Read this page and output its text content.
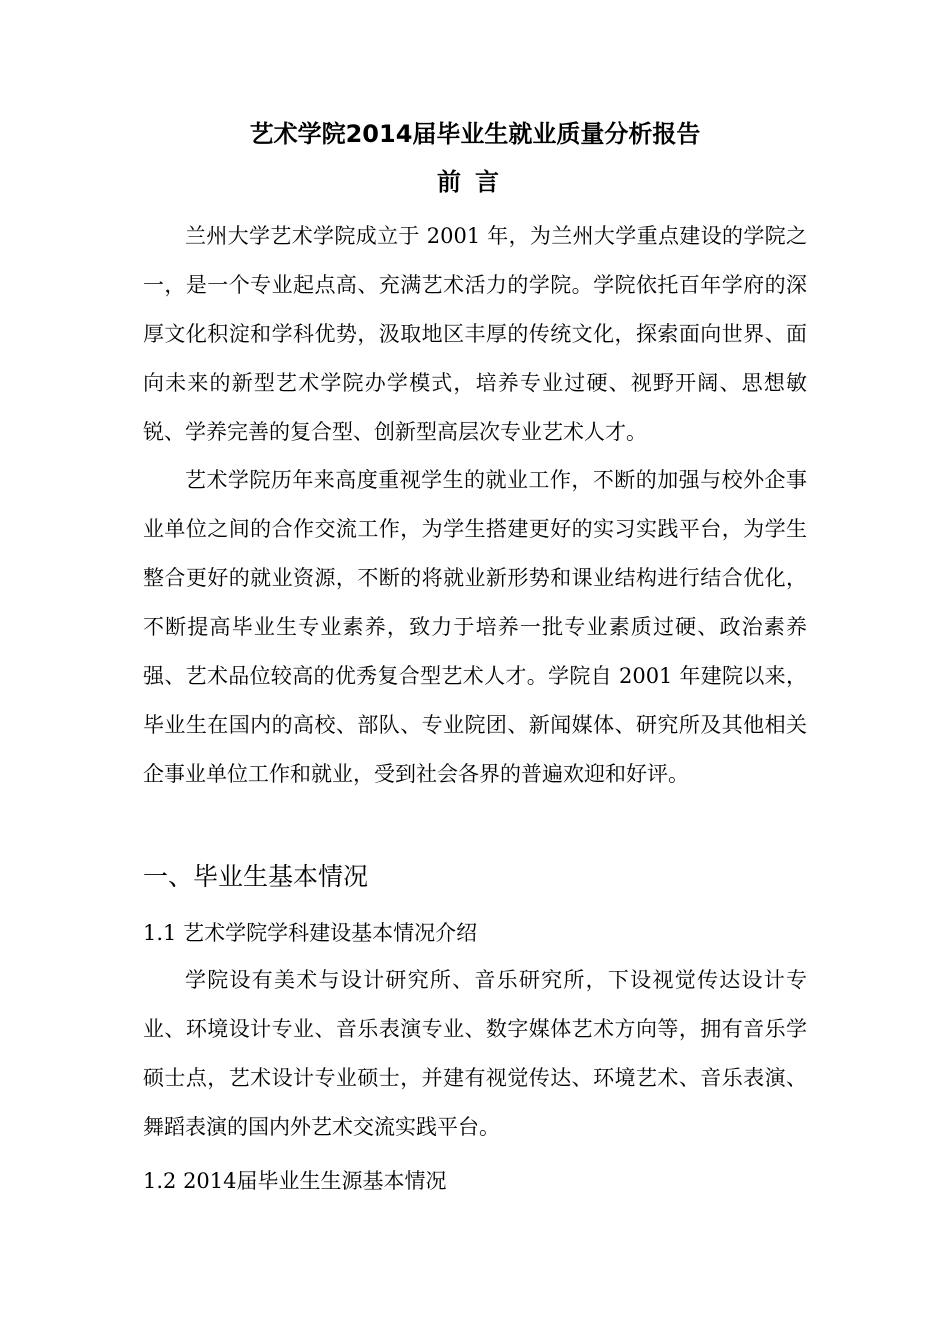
艺术学院2014届毕业生就业质量分析报告
前言

兰州大学艺术学院成立于 2001 年，为兰州大学重点建设的学院之一，是一个专业起点高、充满艺术活力的学院。学院依托百年学府的深厚文化积淀和学科优势，汲取地区丰厚的传统文化，探索面向世界、面向未来的新型艺术学院办学模式，培养专业过硬、视野开阔、思想敏锐、学养完善的复合型、创新型高层次专业艺术人才。

艺术学院历年来高度重视学生的就业工作，不断的加强与校外企事业单位之间的合作交流工作，为学生搭建更好的实习实践平台，为学生整合更好的就业资源，不断的将就业新形势和课业结构进行结合优化，不断提高毕业生专业素养，致力于培养一批专业素质过硬、政治素养强、艺术品位较高的优秀复合型艺术人才。学院自 2001 年建院以来，毕业生在国内的高校、部队、专业院团、新闻媒体、研究所及其他相关企事业单位工作和就业，受到社会各界的普遍欢迎和好评。

一、毕业生基本情况
1.1 艺术学院学科建设基本情况介绍

学院设有美术与设计研究所、音乐研究所，下设视觉传达设计专业、环境设计专业、音乐表演专业、数字媒体艺术方向等，拥有音乐学硕士点，艺术设计专业硕士，并建有视觉传达、环境艺术、音乐表演、舞蹈表演的国内外艺术交流实践平台。

1.2 2014届毕业生生源基本情况
